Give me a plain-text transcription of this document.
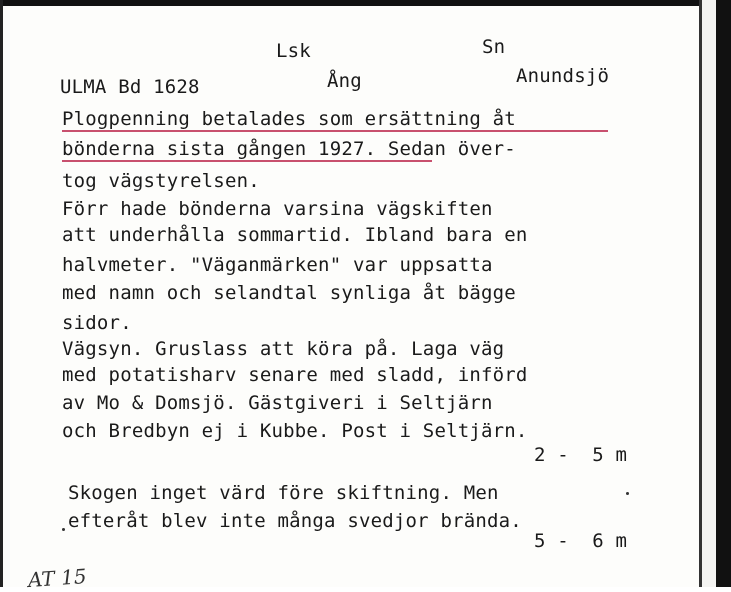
Lsk	Sn
ULMA Bd 1628	Ång	Anundsjö
Plogpenning betalades som ersättning åt
bönderna sista gången 1927. Sedan över-
tog vägstyrelsen.
Förr hade bönderna varsina vägskiften
att underhålla sommartid. Ibland bara en
halvmeter. "Väganmärken" var uppsatta
med namn och selandtal synliga åt bägge
sidor.
Vägsyn. Gruslass att köra på. Laga väg
med potatisharv senare med sladd, införd
av Mo & Domsjö. Gästgiveri i Seltjärn
och Bredbyn ej i Kubbe. Post i Seltjärn.
2 -  5 m
Skogen inget värd före skiftning. Men
efteråt blev inte många svedjor brända.
5 -  6 m
AT 15
